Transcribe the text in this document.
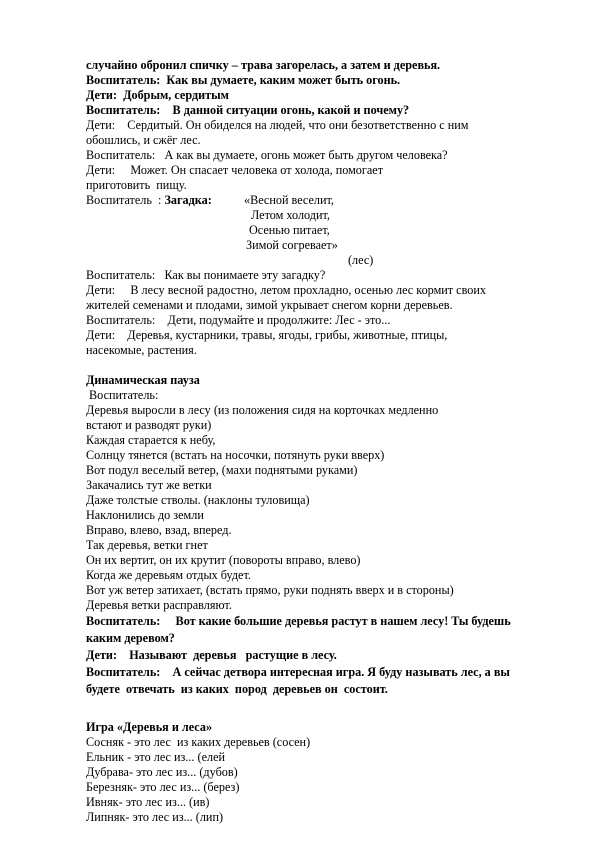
случайно обронил спичку – трава загорелась, а затем и деревья.
Воспитатель:  Как вы думаете, каким может быть огонь.
Дети:  Добрым, сердитым
Воспитатель:    В данной ситуации огонь, какой и почему?
Дети:    Сердитый. Он обиделся на людей, что они безответственно с ним
обошлись, и сжёг лес.
Воспитатель:   А как вы думаете, огонь может быть другом человека?
Дети:     Может. Он спасает человека от холода, помогает
приготовить  пищу.
Воспитатель  : Загадка:	«Весной веселит,
Летом холодит,
Осенью питает,
Зимой согревает»
(лес)
Воспитатель:   Как вы понимаете эту загадку?
Дети:     В лесу весной радостно, летом прохладно, осенью лес кормит своих
жителей семенами и плодами, зимой укрывает снегом корни деревьев.
Воспитатель:    Дети, подумайте и продолжите: Лес - это...
Дети:    Деревья, кустарники, травы, ягоды, грибы, животные, птицы,
насекомые, растения.
Динамическая пауза
Воспитатель:
Деревья выросли в лесу (из положения сидя на корточках медленно
встают и разводят руки)
Каждая старается к небу,
Солнцу тянется (встать на носочки, потянуть руки вверх)
Вот подул веселый ветер, (махи поднятыми руками)
Закачались тут же ветки
Даже толстые стволы. (наклоны туловища)
Наклонились до земли
Вправо, влево, взад, вперед.
Так деревья, ветки гнет
Он их вертит, он их крутит (повороты вправо, влево)
Когда же деревьям отдых будет.
Вот уж ветер затихает, (встать прямо, руки поднять вверх и в стороны)
Деревья ветки расправляют.
Воспитатель:     Вот какие большие деревья растут в нашем лесу! Ты будешь
каким деревом?
Дети:    Называют  деревья   растущие в лесу.
Воспитатель:    А сейчас детвора интересная игра. Я буду называть лес, а вы
будете  отвечать  из каких  пород  деревьев он  состоит.
Игра «Деревья и леса»
Сосняк - это лес  из каких деревьев (сосен)
Ельник - это лес из... (елей
Дубрава- это лес из... (дубов)
Березняк- это лес из... (берез)
Ивняк- это лес из... (ив)
Липняк- это лес из... (лип)
